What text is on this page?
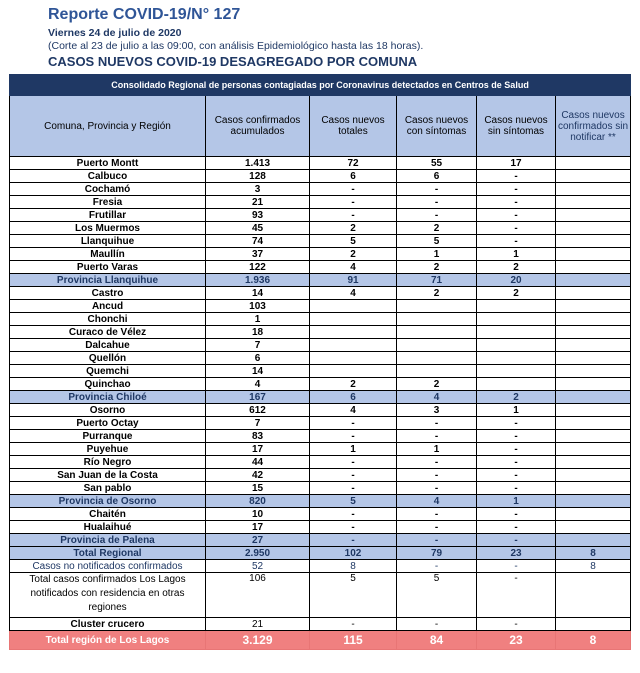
Reporte COVID-19/N° 127
Viernes 24 de julio de 2020
(Corte al 23 de julio a las 09:00, con análisis Epidemiológico hasta las 18 horas).
CASOS NUEVOS COVID-19 DESAGREGADO POR COMUNA
Consolidado Regional de personas contagiadas por Coronavirus detectados en Centros de Salud					
Comuna, Provincia y Región	Casos confirmados acumulados	Casos nuevos totales	Casos nuevos con síntomas	Casos nuevos sin síntomas	Casos nuevos confirmados sin notificar **
Puerto Montt	1.413	72	55	17	
Calbuco	128	6	6	-	
Cochamó	3	-	-	-	
Fresia	21	-	-	-	
Frutillar	93	-	-	-	
Los Muermos	45	2	2	-	
Llanquihue	74	5	5	-	
Maullín	37	2	1	1	
Puerto Varas	122	4	2	2	
Provincia Llanquihue	1.936	91	71	20	
Castro	14	4	2	2	
Ancud	103				
Chonchi	1				
Curaco de Vélez	18				
Dalcahue	7				
Quellón	6				
Quemchi	14				
Quinchao	4	2	2		
Provincia Chiloé	167	6	4	2	
Osorno	612	4	3	1	
Puerto Octay	7	-	-	-	
Purranque	83	-	-	-	
Puyehue	17	1	1	-	
Río Negro	44	-	-	-	
San Juan de la Costa	42	-	-	-	
San pablo	15	-	-	-	
Provincia de Osorno	820	5	4	1	
Chaitén	10	-	-	-	
Hualaihué	17	-	-	-	
Provincia de Palena	27	-	-	-	
Total Regional	2.950	102	79	23	8
Casos no notificados confirmados	52	8	-	-	8
Total casos confirmados Los Lagos notificados con residencia en otras regiones	106	5	5	-	
Cluster crucero	21	-	-	-	
Total región de Los Lagos	3.129	115	84	23	8
